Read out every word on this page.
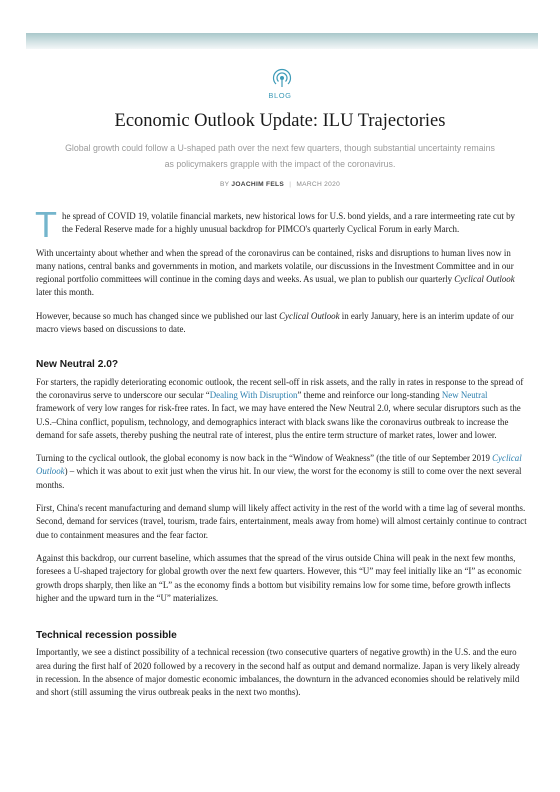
BLOG
Economic Outlook Update: ILU Trajectories
Global growth could follow a U-shaped path over the next few quarters, though substantial uncertainty remains as policymakers grapple with the impact of the coronavirus.
BY JOACHIM FELS | MARCH 2020

T he spread of COVID 19, volatile financial markets, new historical lows for U.S. bond yields, and a rare intermeeting rate cut by the Federal Reserve made for a highly unusual backdrop for PIMCO's quarterly Cyclical Forum in early March.

With uncertainty about whether and when the spread of the coronavirus can be contained, risks and disruptions to human lives now in many nations, central banks and governments in motion, and markets volatile, our discussions in the Investment Committee and in our regional portfolio committees will continue in the coming days and weeks. As usual, we plan to publish our quarterly Cyclical Outlook later this month.

However, because so much has changed since we published our last Cyclical Outlook in early January, here is an interim update of our macro views based on discussions to date.

New Neutral 2.0?

For starters, the rapidly deteriorating economic outlook, the recent sell-off in risk assets, and the rally in rates in response to the spread of the coronavirus serve to underscore our secular “Dealing With Disruption” theme and reinforce our long-standing New Neutral framework of very low ranges for risk-free rates. In fact, we may have entered the New Neutral 2.0, where secular disruptors such as the U.S.–China conflict, populism, technology, and demographics interact with black swans like the coronavirus outbreak to increase the demand for safe assets, thereby pushing the neutral rate of interest, plus the entire term structure of market rates, lower and lower.

Turning to the cyclical outlook, the global economy is now back in the “Window of Weakness” (the title of our September 2019 Cyclical Outlook) – which it was about to exit just when the virus hit. In our view, the worst for the economy is still to come over the next several months.

First, China's recent manufacturing and demand slump will likely affect activity in the rest of the world with a time lag of several months. Second, demand for services (travel, tourism, trade fairs, entertainment, meals away from home) will almost certainly continue to contract due to containment measures and the fear factor.

Against this backdrop, our current baseline, which assumes that the spread of the virus outside China will peak in the next few months, foresees a U-shaped trajectory for global growth over the next few quarters. However, this “U” may feel initially like an “I” as economic growth drops sharply, then like an “L” as the economy finds a bottom but visibility remains low for some time, before growth inflects higher and the upward turn in the “U” materializes.

Technical recession possible

Importantly, we see a distinct possibility of a technical recession (two consecutive quarters of negative growth) in the U.S. and the euro area during the first half of 2020 followed by a recovery in the second half as output and demand normalize. Japan is very likely already in recession. In the absence of major domestic economic imbalances, the downturn in the advanced economies should be relatively mild and short (still assuming the virus outbreak peaks in the next two months).
